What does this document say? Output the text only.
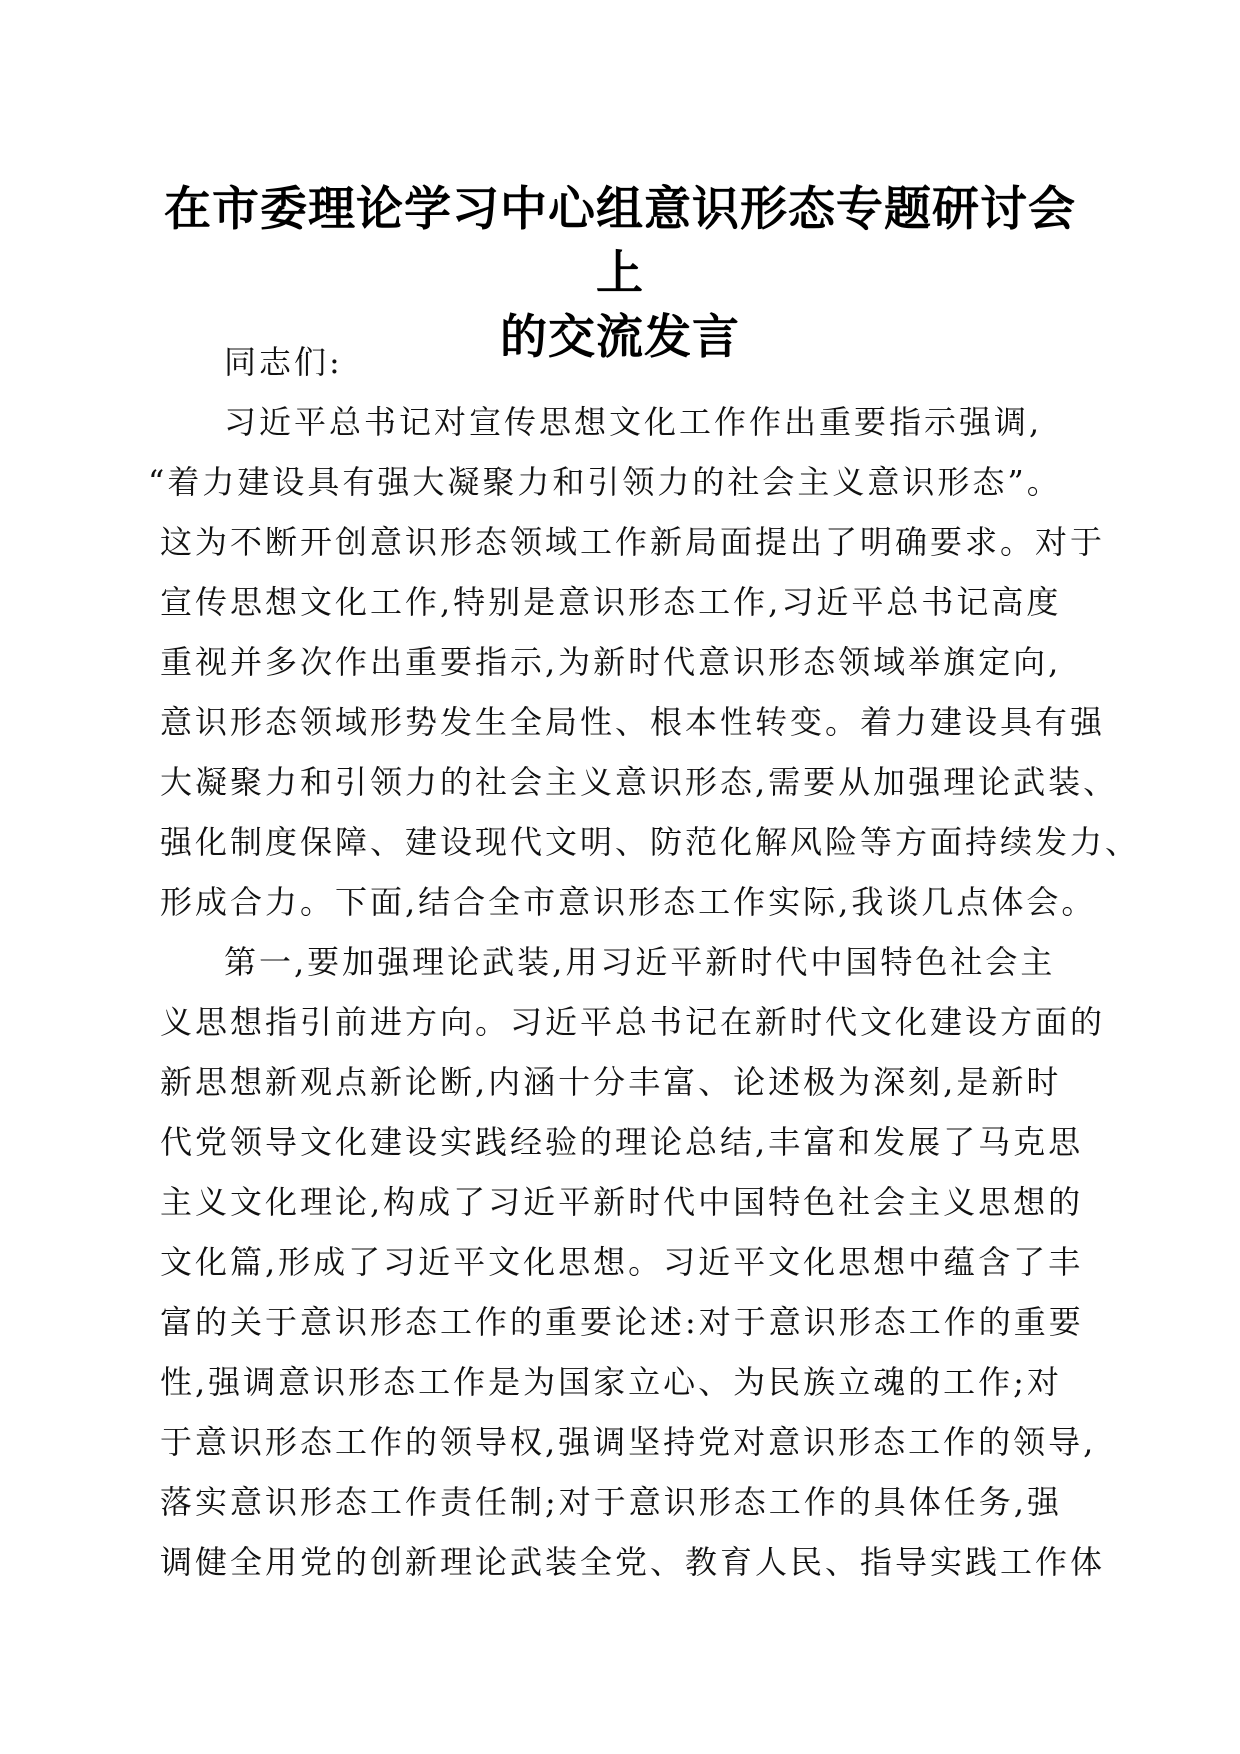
在市委理论学习中心组意识形态专题研讨会上
的交流发言
同志们:
习近平总书记对宣传思想文化工作作出重要指示强调,
“着力建设具有强大凝聚力和引领力的社会主义意识形态”。
这为不断开创意识形态领域工作新局面提出了明确要求。对于
宣传思想文化工作,特别是意识形态工作,习近平总书记高度
重视并多次作出重要指示,为新时代意识形态领域举旗定向,
意识形态领域形势发生全局性、根本性转变。着力建设具有强
大凝聚力和引领力的社会主义意识形态,需要从加强理论武装、
强化制度保障、建设现代文明、防范化解风险等方面持续发力、
形成合力。下面,结合全市意识形态工作实际,我谈几点体会。
第一,要加强理论武装,用习近平新时代中国特色社会主
义思想指引前进方向。习近平总书记在新时代文化建设方面的
新思想新观点新论断,内涵十分丰富、论述极为深刻,是新时
代党领导文化建设实践经验的理论总结,丰富和发展了马克思
主义文化理论,构成了习近平新时代中国特色社会主义思想的
文化篇,形成了习近平文化思想。习近平文化思想中蕴含了丰
富的关于意识形态工作的重要论述:对于意识形态工作的重要
性,强调意识形态工作是为国家立心、为民族立魂的工作;对
于意识形态工作的领导权,强调坚持党对意识形态工作的领导,
落实意识形态工作责任制;对于意识形态工作的具体任务,强
调健全用党的创新理论武装全党、教育人民、指导实践工作体
